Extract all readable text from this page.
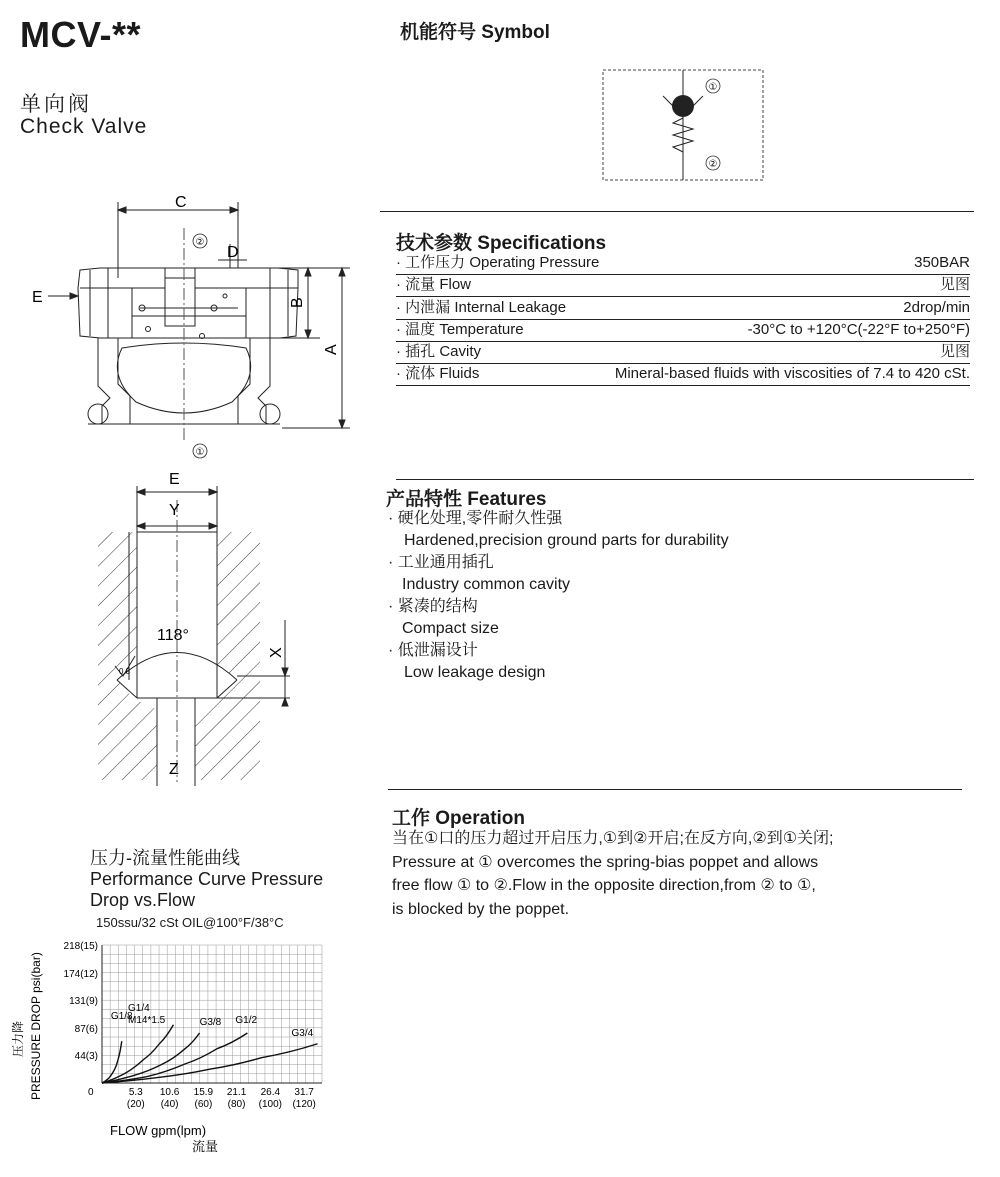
MCV-**
单向阀
Check Valve
机能符号 Symbol
①
②
C
D
E	B
A
②
①
E
Y
X
Z
118°
0.8
技术参数 Specifications
· 工作压力 Operating Pressure	350BAR
· 流量 Flow	见图
· 内泄漏 Internal Leakage	2drop/min
· 温度 Temperature	-30°C to +120°C(-22°F to+250°F)
· 插孔 Cavity	见图
· 流体 Fluids	Mineral-based fluids with viscosities of 7.4 to 420 cSt.
产品特性 Features
· 硬化处理,零件耐久性强
Hardened,precision ground parts for durability
· 工业通用插孔
Industry common cavity
· 紧凑的结构
Compact size
· 低泄漏设计
Low leakage design
工作 Operation
当在①口的压力超过开启压力,①到②开启;在反方向,②到①关闭;
Pressure at ① overcomes the spring-bias poppet and allows
free flow ① to ②.Flow in the opposite direction,from ② to ①,
is blocked by the poppet.
压力-流量性能曲线
Performance Curve Pressure
Drop vs.Flow
150ssu/32 cSt OIL@100°F/38°C
0
44(3)
87(6)
131(9)
174(12)
218(15)
5.3
(20)
10.6
(40)
15.9
(60)
21.1
(80)
26.4
(100)
31.7
(120)
G1/8
G1/4
M14*1.5	G3/8 G1/2
G3/4
FLOW gpm(lpm)
流量
PRESSURE DROP psi(bar)
压力降
